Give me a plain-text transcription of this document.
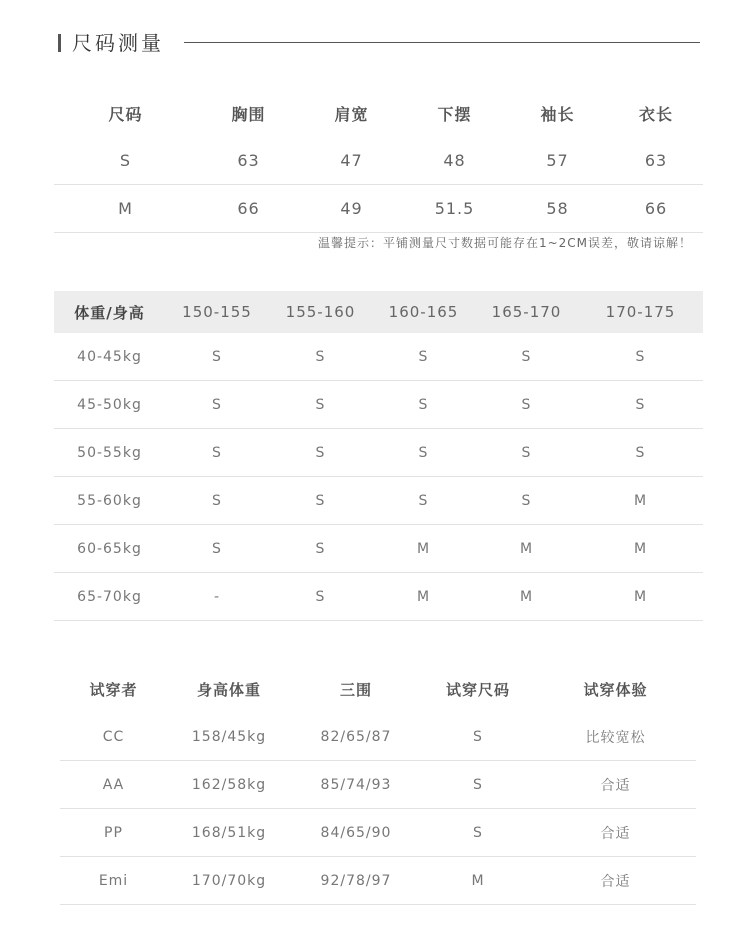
尺码测量
尺码	胸围	肩宽	下摆	袖长	衣长
S	63	47	48	57	63
M	66	49	51.5	58	66
温馨提示：平铺测量尺寸数据可能存在1~2CM误差，敬请谅解！
体重/身高	150-155	155-160	160-165	165-170	170-175
40-45kg	S	S	S	S	S
45-50kg	S	S	S	S	S
50-55kg	S	S	S	S	S
55-60kg	S	S	S	S	M
60-65kg	S	S	M	M	M
65-70kg	-	S	M	M	M
试穿者	身高体重	三围	试穿尺码	试穿体验
CC	158/45kg	82/65/87	S	比较宽松
AA	162/58kg	85/74/93	S	合适
PP	168/51kg	84/65/90	S	合适
Emi	170/70kg	92/78/97	M	合适
